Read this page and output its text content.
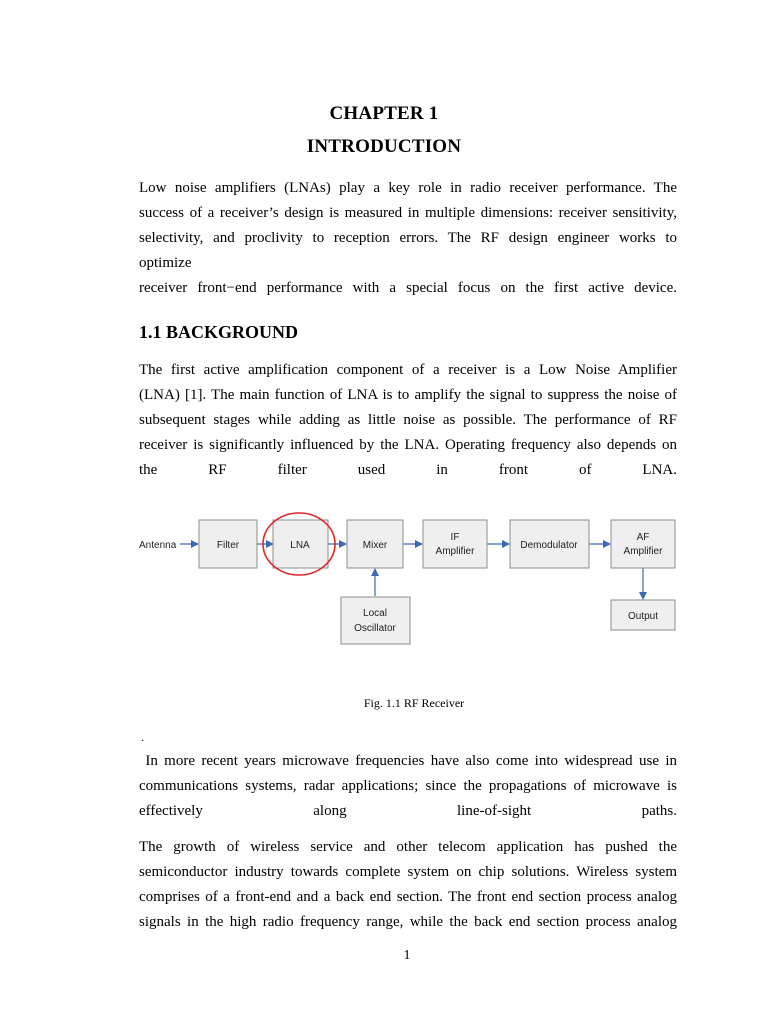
CHAPTER 1
INTRODUCTION
Low noise amplifiers (LNAs) play a key role in radio receiver performance. The
success of a receiver’s design is measured in multiple dimensions: receiver sensitivity,
selectivity, and proclivity to reception errors. The RF design engineer works to
optimize
receiver front−end performance with a special focus on the first active device.
1.1 BACKGROUND
The first active amplification component of a receiver is a Low Noise Amplifier
(LNA) [1]. The main function of LNA is to amplify the signal to suppress the noise of
subsequent stages while adding as little noise as possible. The performance of RF
receiver is significantly influenced by the LNA. Operating frequency also depends on
the RF filter used in front of LNA.
Antenna	Filter	LNA	Mixer
IF
Amplifier
Demodulator
AF
Amplifier
Local
Oscillator
Output
Fig. 1.1 RF Receiver
.
In more recent years microwave frequencies have also come into widespread use in
communications systems, radar applications; since the propagations of microwave is
effectively along line-of-sight paths.
The growth of wireless service and other telecom application has pushed the
semiconductor industry towards complete system on chip solutions. Wireless system
comprises of a front-end and a back end section. The front end section process analog
signals in the high radio frequency range, while the back end section process analog
1
